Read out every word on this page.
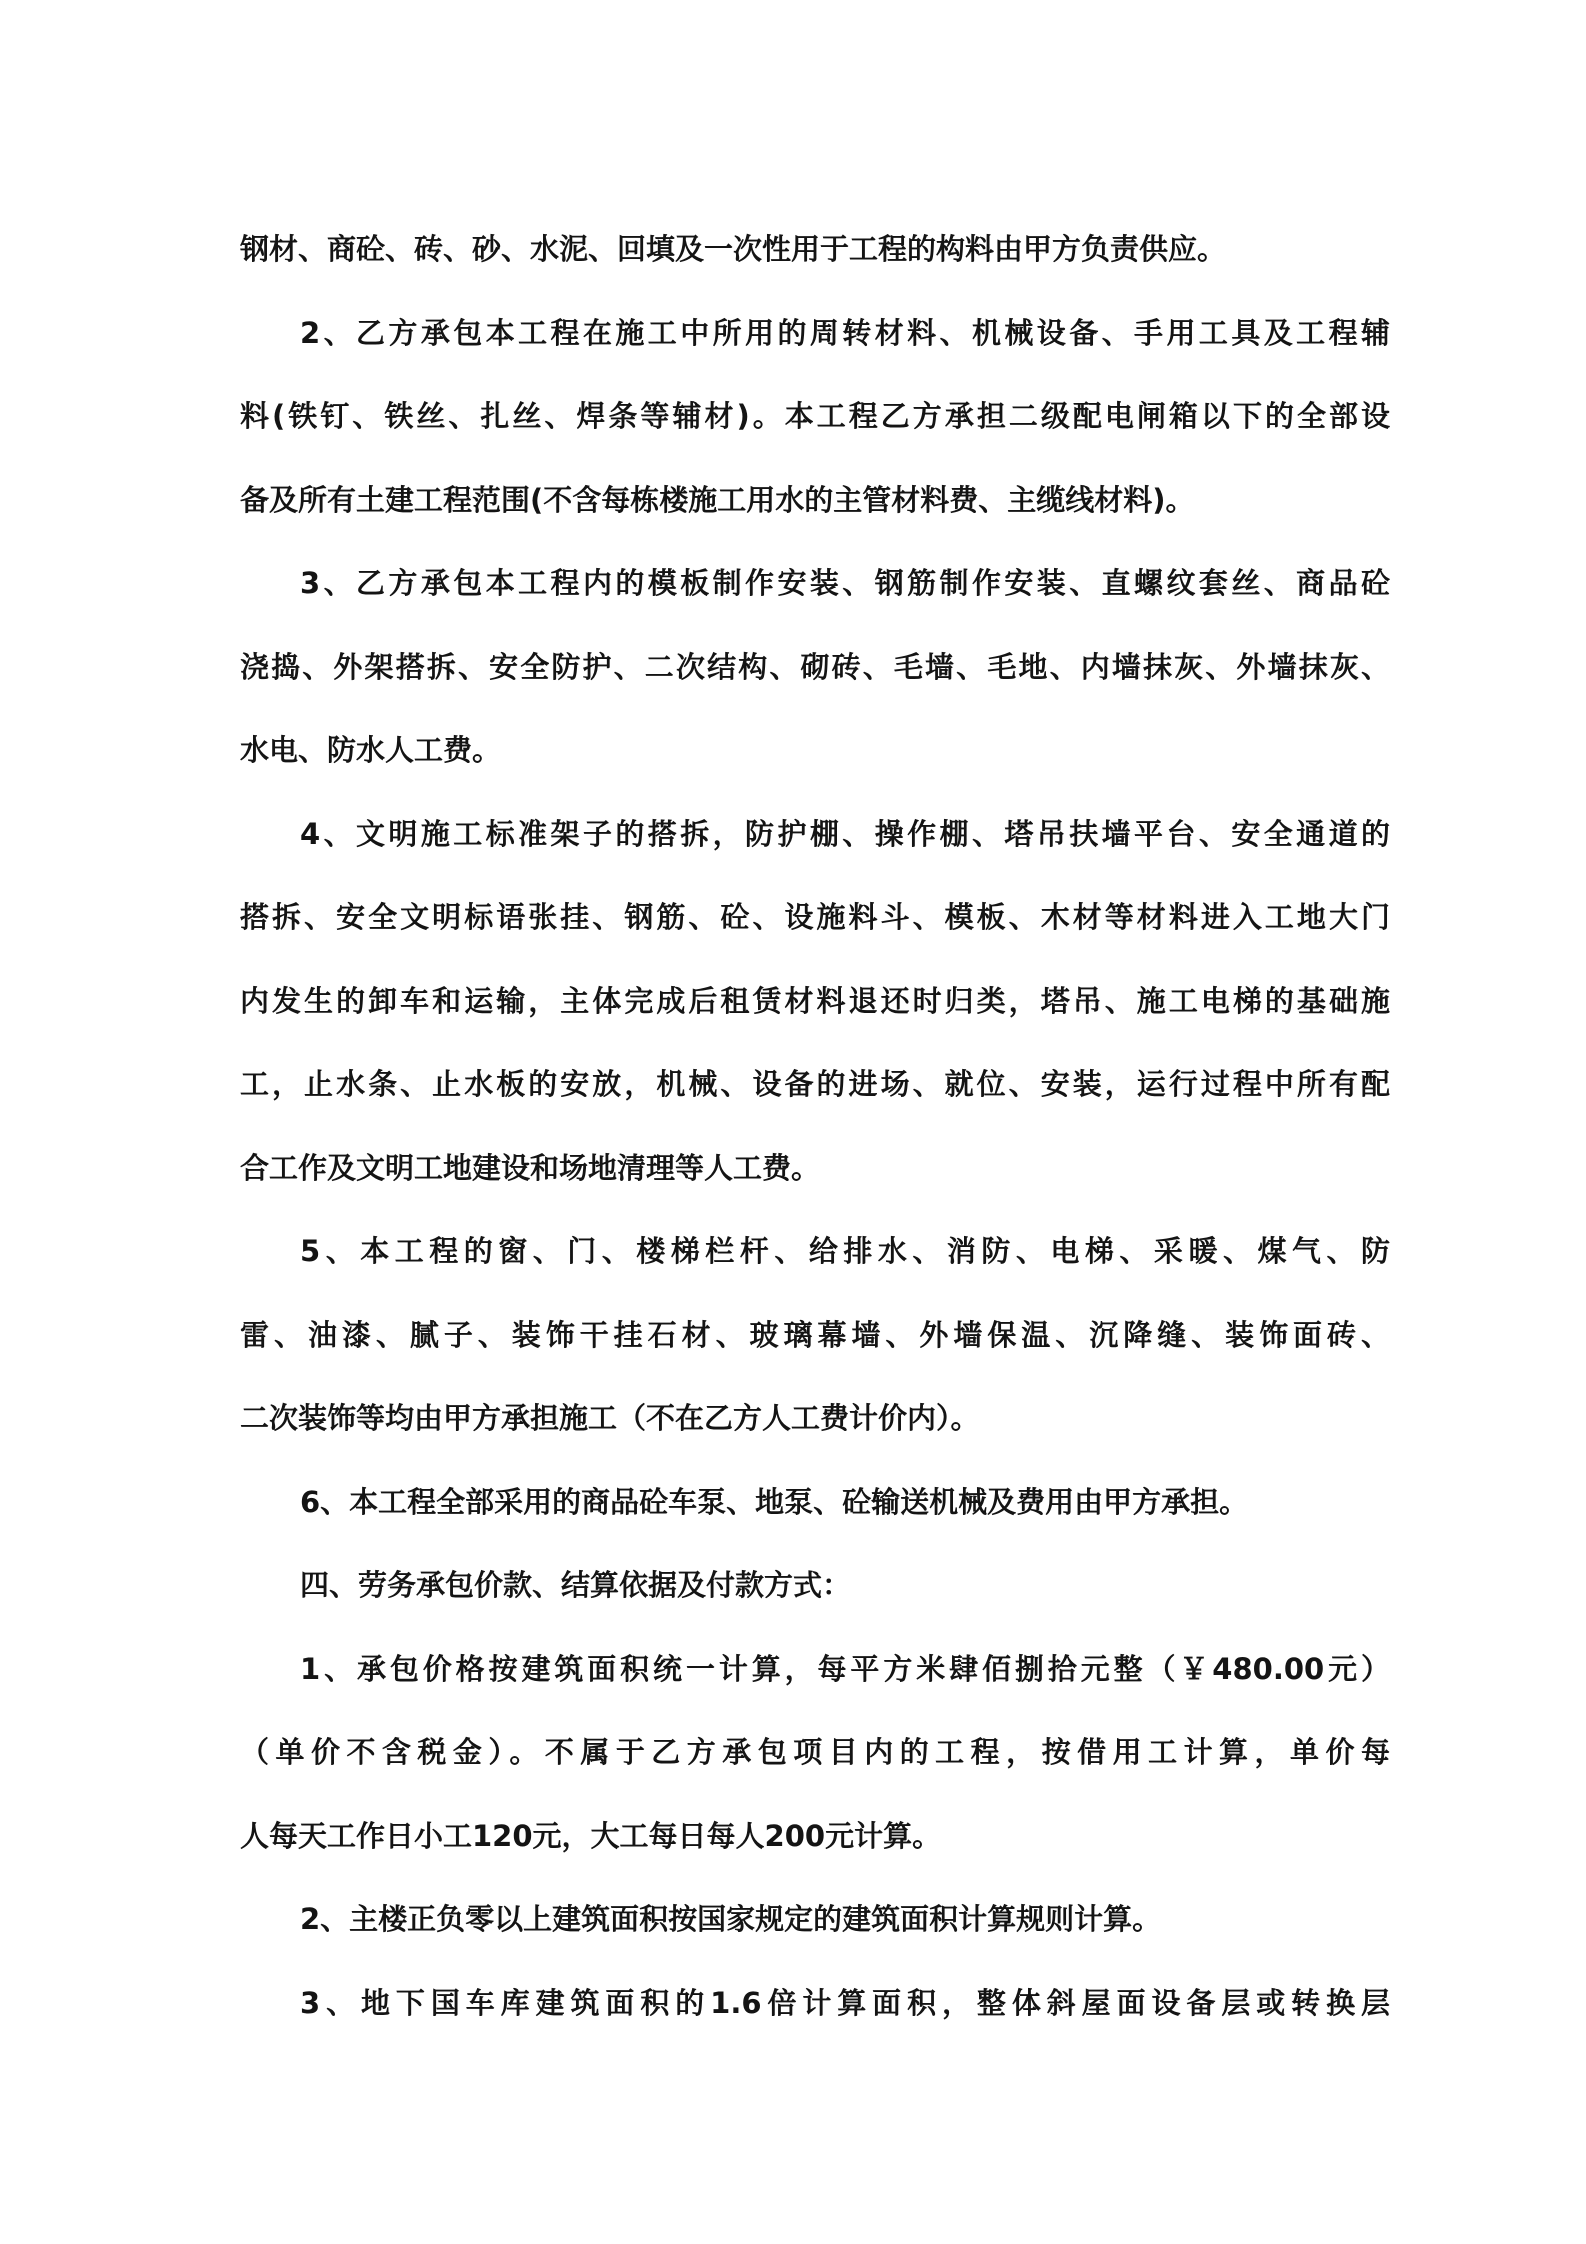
钢材、商砼、砖、砂、水泥、回填及一次性用于工程的构料由甲方负责供应。
2、乙方承包本工程在施工中所用的周转材料、机械设备、手用工具及工程辅
料(铁钉、铁丝、扎丝、焊条等辅材)。本工程乙方承担二级配电闸箱以下的全部设
备及所有土建工程范围(不含每栋楼施工用水的主管材料费、主缆线材料)。
3、乙方承包本工程内的模板制作安装、钢筋制作安装、直螺纹套丝、商品砼
浇捣、外架搭拆、安全防护、二次结构、砌砖、毛墙、毛地、内墙抹灰、外墙抹灰、
水电、防水人工费。
4、文明施工标准架子的搭拆，防护棚、操作棚、塔吊扶墙平台、安全通道的
搭拆、安全文明标语张挂、钢筋、砼、设施料斗、模板、木材等材料进入工地大门
内发生的卸车和运输，主体完成后租赁材料退还时归类，塔吊、施工电梯的基础施
工，止水条、止水板的安放，机械、设备的进场、就位、安装，运行过程中所有配
合工作及文明工地建设和场地清理等人工费。
5、本工程的窗、门、楼梯栏杆、给排水、消防、电梯、采暖、煤气、防
雷、油漆、腻子、装饰干挂石材、玻璃幕墙、外墙保温、沉降缝、装饰面砖、
二次装饰等均由甲方承担施工（不在乙方人工费计价内）。
6、本工程全部采用的商品砼车泵、地泵、砼输送机械及费用由甲方承担。
四、劳务承包价款、结算依据及付款方式：
1、承包价格按建筑面积统一计算，每平方米肆佰捌拾元整（￥480.00元）
（单价不含税金）。不属于乙方承包项目内的工程，按借用工计算，单价每
人每天工作日小工120元，大工每日每人200元计算。
2、主楼正负零以上建筑面积按国家规定的建筑面积计算规则计算。
3、地下国车库建筑面积的1.6倍计算面积，整体斜屋面设备层或转换层
